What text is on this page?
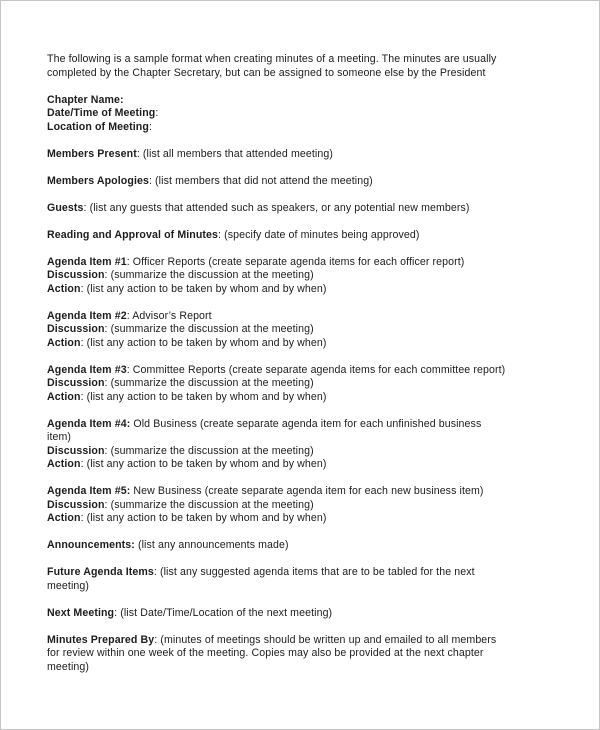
The following is a sample format when creating minutes of a meeting. The minutes are usually
completed by the Chapter Secretary, but can be assigned to someone else by the President
Chapter Name:
Date/Time of Meeting:
Location of Meeting:
Members Present: (list all members that attended meeting)
Members Apologies: (list members that did not attend the meeting)
Guests: (list any guests that attended such as speakers, or any potential new members)
Reading and Approval of Minutes: (specify date of minutes being approved)
Agenda Item #1: Officer Reports (create separate agenda items for each officer report)
Discussion: (summarize the discussion at the meeting)
Action: (list any action to be taken by whom and by when)
Agenda Item #2: Advisor’s Report
Discussion: (summarize the discussion at the meeting)
Action: (list any action to be taken by whom and by when)
Agenda Item #3: Committee Reports (create separate agenda items for each committee report)
Discussion: (summarize the discussion at the meeting)
Action: (list any action to be taken by whom and by when)
Agenda Item #4: Old Business (create separate agenda item for each unfinished business
item)
Discussion: (summarize the discussion at the meeting)
Action: (list any action to be taken by whom and by when)
Agenda Item #5: New Business (create separate agenda item for each new business item)
Discussion: (summarize the discussion at the meeting)
Action: (list any action to be taken by whom and by when)
Announcements: (list any announcements made)
Future Agenda Items: (list any suggested agenda items that are to be tabled for the next
meeting)
Next Meeting: (list Date/Time/Location of the next meeting)
Minutes Prepared By: (minutes of meetings should be written up and emailed to all members
for review within one week of the meeting. Copies may also be provided at the next chapter
meeting)
